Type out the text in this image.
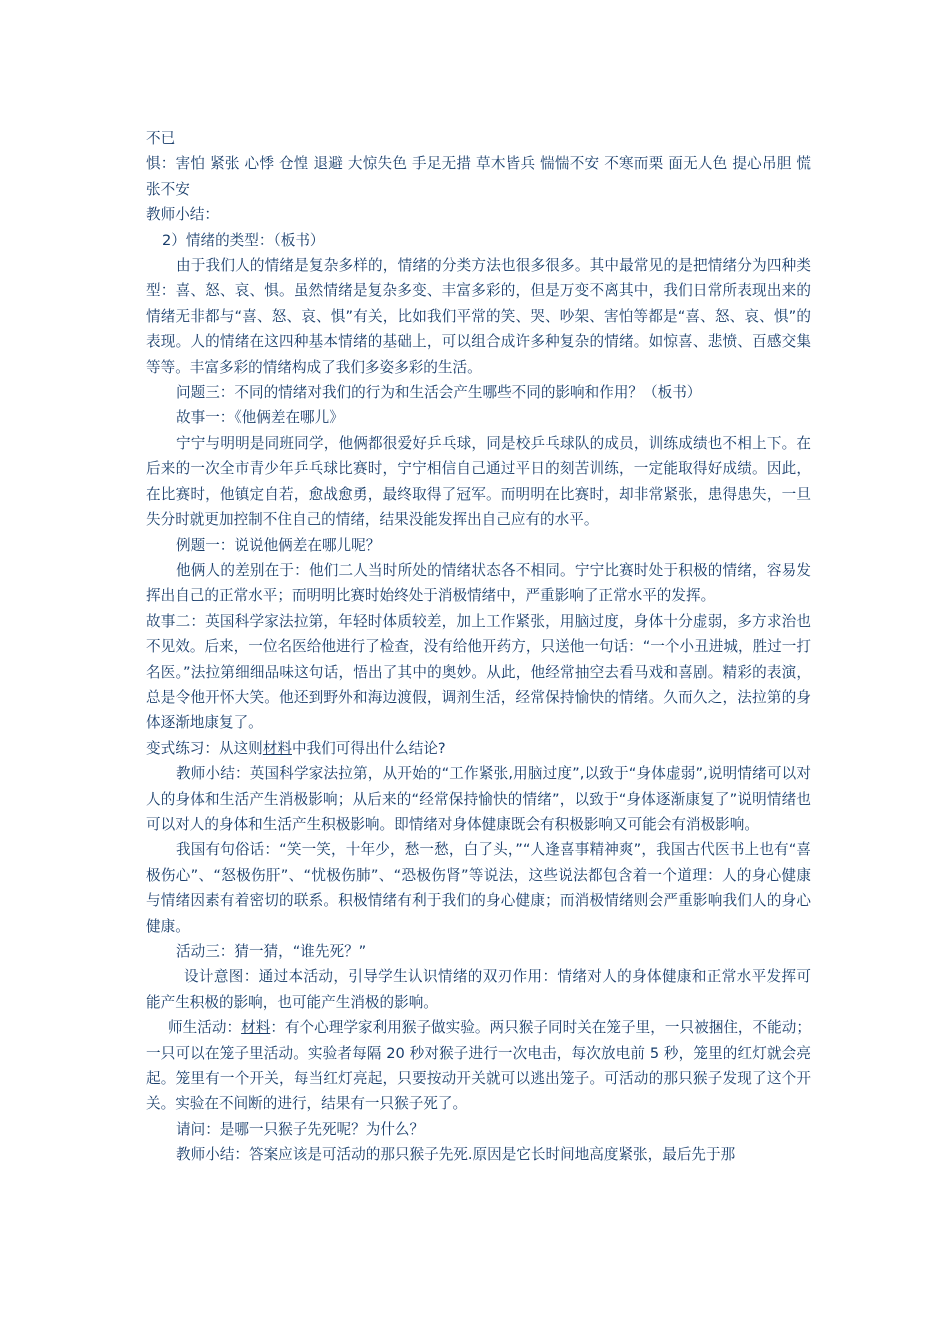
不已

惧：害怕 紧张 心悸 仓惶 退避 大惊失色 手足无措 草木皆兵 惴惴不安 不寒而栗 面无人色 提心吊胆 慌张不安

教师小结：

2）情绪的类型：（板书）

由于我们人的情绪是复杂多样的，情绪的分类方法也很多很多。其中最常见的是把情绪分为四种类型：喜、怒、哀、惧。虽然情绪是复杂多变、丰富多彩的，但是万变不离其中，我们日常所表现出来的情绪无非都与“喜、怒、哀、惧”有关，比如我们平常的笑、哭、吵架、害怕等都是“喜、怒、哀、惧”的表现。人的情绪在这四种基本情绪的基础上，可以组合成许多种复杂的情绪。如惊喜、悲愤、百感交集等等。丰富多彩的情绪构成了我们多姿多彩的生活。

问题三：不同的情绪对我们的行为和生活会产生哪些不同的影响和作用？（板书）

故事一：《他俩差在哪儿》

宁宁与明明是同班同学，他俩都很爱好乒乓球，同是校乒乓球队的成员，训练成绩也不相上下。在后来的一次全市青少年乒乓球比赛时，宁宁相信自己通过平日的刻苦训练，一定能取得好成绩。因此，在比赛时，他镇定自若，愈战愈勇，最终取得了冠军。而明明在比赛时，却非常紧张，患得患失，一旦失分时就更加控制不住自己的情绪，结果没能发挥出自己应有的水平。

例题一：说说他俩差在哪儿呢？

他俩人的差别在于：他们二人当时所处的情绪状态各不相同。宁宁比赛时处于积极的情绪，容易发挥出自己的正常水平；而明明比赛时始终处于消极情绪中，严重影响了正常水平的发挥。

故事二：英国科学家法拉第，年轻时体质较差，加上工作紧张，用脑过度，身体十分虚弱，多方求治也不见效。后来，一位名医给他进行了检查，没有给他开药方，只送他一句话：“一个小丑进城，胜过一打名医。”法拉第细细品味这句话，悟出了其中的奥妙。从此，他经常抽空去看马戏和喜剧。精彩的表演，总是令他开怀大笑。他还到野外和海边渡假，调剂生活，经常保持愉快的情绪。久而久之，法拉第的身体逐渐地康复了。

变式练习：从这则材料中我们可得出什么结论?

教师小结：英国科学家法拉第，从开始的“工作紧张,用脑过度”,以致于“身体虚弱”,说明情绪可以对人的身体和生活产生消极影响；从后来的“经常保持愉快的情绪”，以致于“身体逐渐康复了”说明情绪也可以对人的身体和生活产生积极影响。即情绪对身体健康既会有积极影响又可能会有消极影响。

我国有句俗话：“笑一笑，十年少，愁一愁，白了头，”“人逢喜事精神爽”，我国古代医书上也有“喜极伤心”、“怒极伤肝”、“忧极伤肺”、“恐极伤肾”等说法，这些说法都包含着一个道理：人的身心健康与情绪因素有着密切的联系。积极情绪有利于我们的身心健康；而消极情绪则会严重影响我们人的身心健康。

活动三：猜一猜，“谁先死？”

设计意图：通过本活动，引导学生认识情绪的双刃作用：情绪对人的身体健康和正常水平发挥可能产生积极的影响，也可能产生消极的影响。

师生活动：材料：有个心理学家利用猴子做实验。两只猴子同时关在笼子里，一只被捆住，不能动；一只可以在笼子里活动。实验者每隔 20 秒对猴子进行一次电击，每次放电前 5 秒，笼里的红灯就会亮起。笼里有一个开关，每当红灯亮起，只要按动开关就可以逃出笼子。可活动的那只猴子发现了这个开关。实验在不间断的进行，结果有一只猴子死了。

请问：是哪一只猴子先死呢？为什么？

教师小结：答案应该是可活动的那只猴子先死.原因是它长时间地高度紧张，最后先于那
